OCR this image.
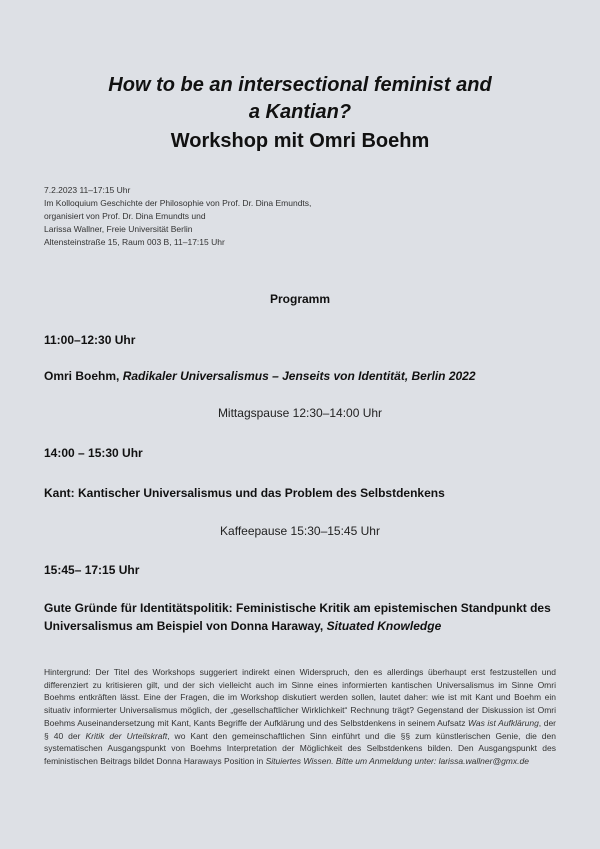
How to be an intersectional feminist and
a Kantian?
Workshop mit Omri Boehm
7.2.2023 11–17:15 Uhr
Im Kolloquium Geschichte der Philosophie von Prof. Dr. Dina Emundts,
organisiert von Prof. Dr. Dina Emundts und
Larissa Wallner, Freie Universität Berlin
Altensteinstraße 15, Raum 003 B, 11–17:15 Uhr
Programm
11:00–12:30 Uhr
Omri Boehm, Radikaler Universalismus – Jenseits von Identität, Berlin 2022
Mittagspause 12:30–14:00 Uhr
14:00 – 15:30 Uhr
Kant: Kantischer Universalismus und das Problem des Selbstdenkens
Kaffeepause 15:30–15:45 Uhr
15:45– 17:15 Uhr
Gute Gründe für Identitätspolitik: Feministische Kritik am epistemischen Standpunkt des Universalismus am Beispiel von Donna Haraway, Situated Knowledge
Hintergrund: Der Titel des Workshops suggeriert indirekt einen Widerspruch, den es allerdings überhaupt erst festzustellen und differenziert zu kritisieren gilt, und der sich vielleicht auch im Sinne eines informierten kantischen Universalismus im Sinne Omri Boehms entkräften lässt. Eine der Fragen, die im Workshop diskutiert werden sollen, lautet daher: wie ist mit Kant und Boehm ein situativ informierter Universalismus möglich, der „gesellschaftlicher Wirklichkeit“ Rechnung trägt? Gegenstand der Diskussion ist Omri Boehms Auseinandersetzung mit Kant, Kants Begriffe der Aufklärung und des Selbstdenkens in seinem Aufsatz Was ist Aufklärung, der § 40 der Kritik der Urteilskraft, wo Kant den gemeinschaftlichen Sinn einführt und die §§ zum künstlerischen Genie, die den systematischen Ausgangspunkt von Boehms Interpretation der Möglichkeit des Selbstdenkens bilden. Den Ausgangspunkt des feministischen Beitrags bildet Donna Haraways Position in Situiertes Wissen. Bitte um Anmeldung unter: larissa.wallner@gmx.de
